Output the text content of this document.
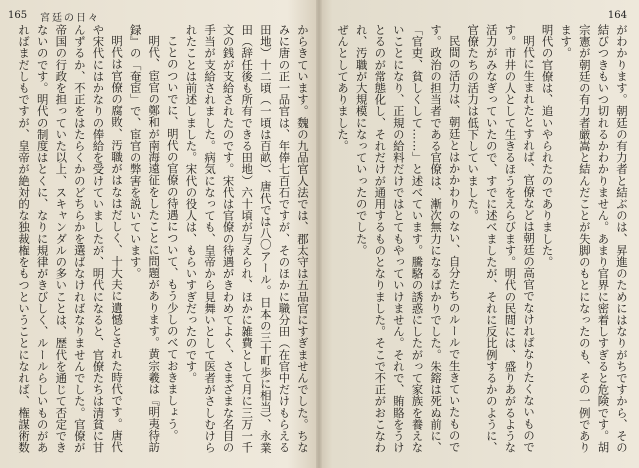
165 宮廷の日々

からきています。魏の九品官人法では、郡太守は五品官にすぎませんでした。ちなみに唐の正一品官は、年俸七百石ですが、そのほかに職分田（在官中だけもらえる田地）十二頃（一頃は百畝）、唐代では八〇アール。日本の三十町歩に相当）、永業田（辞任後も所有できる田地）六十頃が与えられ、ほかに雑費として月に三万一千文の銭が支給されたのです。宋代は官僚の待遇がきわめてよく、さまざまな名目の手当が支給されました。病気になっても、皇帝から見舞いとして医者がさしむけられたことは前述しました。宋代の役人は、もらいすぎだったのです。

ことのついでに、明代の官僚の待遇について、もう少しのべておきましょう。

明代、宦官の鄭和が南海遠征をしたことに問題があります。黄宗羲は『明夷待訪録』の「奄宦」で、宦官の弊害を説いています。

明代は官僚の腐敗、汚職がはなはだしく、十大夫に遺憾とされた時代です。唐代や宋代にはかなりの俸給を受けていましたが、明代になると、官僚たちは清貧に甘んずるか、不正をはたらくかのどちらかを選ばなければなりませんでした。官僚が帝国の行政を担っていた以上、スキャンダルの多いことは、歴代を通じて否定できないのです。明代の制度はとくに、なりに規律がきびしく、ルールらしいものがあればまだしもですが、皇帝が絶対的な独裁権をもつということになれば、権謀術数

164

がわかります。朝廷の有力者と結ぶのは、昇進のためにはなりがちですから、その結びつきもいつ切れるかわかりません。あまり官界に密着しすぎると危険です。胡宗憲が朝廷の有力者厳嵩と結んだことが失脚のもとになったのも、その一例であります。

明代の官僚は、追いやられたのでありました。

明代に生まれたとすれば、官僚などは朝廷の高官でなければなりたくないものです。市井の人として生きるほうをえらびます。明代の民間には、盛りあがるような活力がみなぎっていたので、すでに述べましたが、それに反比例するかのように、官僚たちの活力は低下していました。

民間の活力は、朝廷とはかかわりのない、自分たちのルールで生きていたものです。政治の担当者である官僚は、漸次無力になるばかりでした。朱鎔は死ぬ前に、「官吏、貧しくして……」と述べています。騰駱の誘惑にしたがって家族を養えないことになり、正規の給料だけではとてもやっていけません。それで、賄賂をうけとるのが常態化し、それだけが通用するものとなりました。そこで不正がおこなわれ、汚職が大規模になっていったのでした。

ぜんとしてありました。
